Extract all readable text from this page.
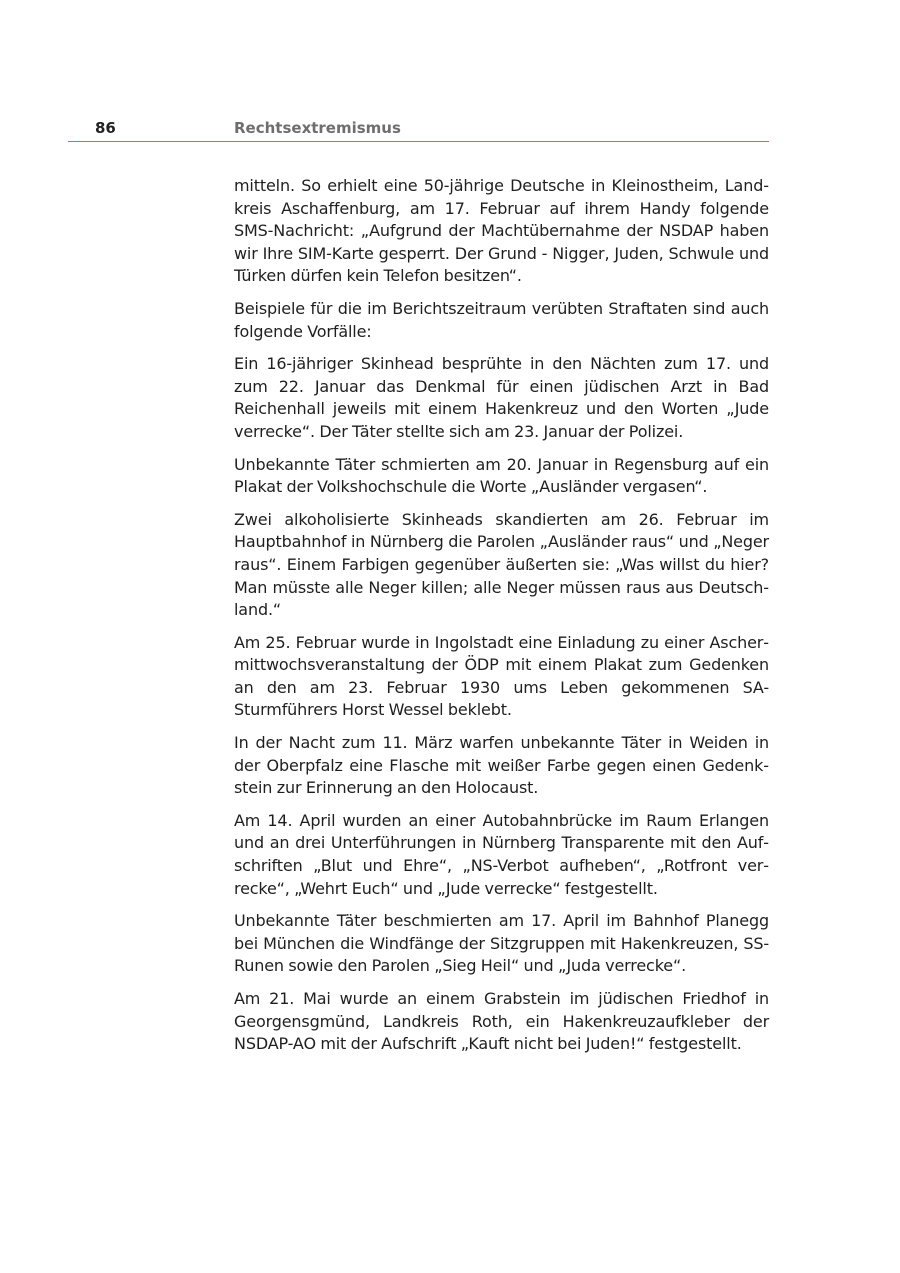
86	Rechtsextremismus

mitteln. So erhielt eine 50-jährige Deutsche in Kleinostheim, Landkreis Aschaffenburg, am 17. Februar auf ihrem Handy folgende SMS-Nachricht: „Aufgrund der Machtübernahme der NSDAP haben wir Ihre SIM-Karte gesperrt. Der Grund - Nigger, Juden, Schwule und Türken dürfen kein Telefon besitzen“.

Beispiele für die im Berichtszeitraum verübten Straftaten sind auch folgende Vorfälle:

Ein 16-jähriger Skinhead besprühte in den Nächten zum 17. und zum 22. Januar das Denkmal für einen jüdischen Arzt in Bad Reichenhall jeweils mit einem Hakenkreuz und den Worten „Jude verrecke“. Der Täter stellte sich am 23. Januar der Polizei.

Unbekannte Täter schmierten am 20. Januar in Regensburg auf ein Plakat der Volkshochschule die Worte „Ausländer vergasen“.

Zwei alkoholisierte Skinheads skandierten am 26. Februar im Hauptbahnhof in Nürnberg die Parolen „Ausländer raus“ und „Neger raus“. Einem Farbigen gegenüber äußerten sie: „Was willst du hier? Man müsste alle Neger killen; alle Neger müssen raus aus Deutschland.“

Am 25. Februar wurde in Ingolstadt eine Einladung zu einer Aschermittwochsveranstaltung der ÖDP mit einem Plakat zum Gedenken an den am 23. Februar 1930 ums Leben gekommenen SA-Sturmführers Horst Wessel beklebt.

In der Nacht zum 11. März warfen unbekannte Täter in Weiden in der Oberpfalz eine Flasche mit weißer Farbe gegen einen Gedenkstein zur Erinnerung an den Holocaust.

Am 14. April wurden an einer Autobahnbrücke im Raum Erlangen und an drei Unterführungen in Nürnberg Transparente mit den Aufschriften „Blut und Ehre“, „NS-Verbot aufheben“, „Rotfront verrecke“, „Wehrt Euch“ und „Jude verrecke“ festgestellt.

Unbekannte Täter beschmierten am 17. April im Bahnhof Planegg bei München die Windfänge der Sitzgruppen mit Hakenkreuzen, SS-Runen sowie den Parolen „Sieg Heil“ und „Juda verrecke“.

Am 21. Mai wurde an einem Grabstein im jüdischen Friedhof in Georgensgmünd, Landkreis Roth, ein Hakenkreuzaufkleber der NSDAP-AO mit der Aufschrift „Kauft nicht bei Juden!“ festgestellt.
